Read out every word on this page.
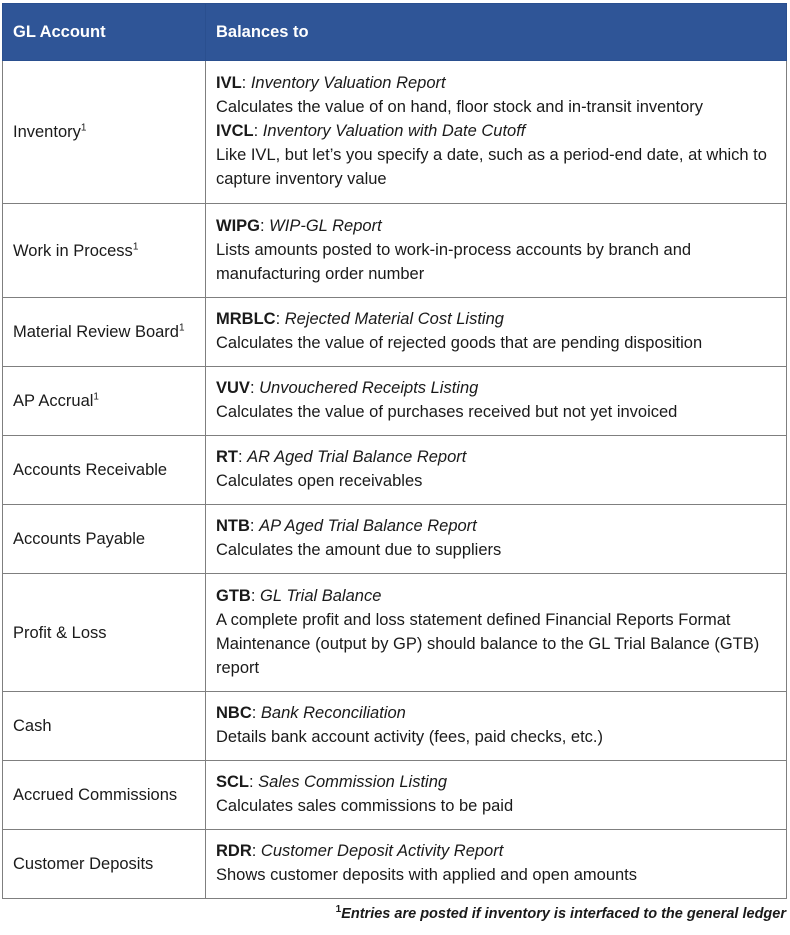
GL Account	Balances to
Inventory$^1$	IVL: Inventory Valuation Report
Calculates the value of on hand, floor stock and in-transit inventory
IVCL: Inventory Valuation with Date Cutoff
Like IVL, but let’s you specify a date, such as a period-end date, at which to capture inventory value

Work in Process$^1$	WIPG: WIP-GL Report
Lists amounts posted to work-in-process accounts by branch and manufacturing order number

Material Review Board$^1$	MRBLC: Rejected Material Cost Listing
Calculates the value of rejected goods that are pending disposition

AP Accrual$^1$	VUV: Unvouchered Receipts Listing
Calculates the value of purchases received but not yet invoiced

Accounts Receivable	RT: AR Aged Trial Balance Report
Calculates open receivables

Accounts Payable	NTB: AP Aged Trial Balance Report
Calculates the amount due to suppliers

Profit & Loss	GTB: GL Trial Balance
A complete profit and loss statement defined Financial Reports Format Maintenance (output by GP) should balance to the GL Trial Balance (GTB) report

Cash	NBC: Bank Reconciliation
Details bank account activity (fees, paid checks, etc.)

Accrued Commissions	SCL: Sales Commission Listing
Calculates sales commissions to be paid

Customer Deposits	RDR: Customer Deposit Activity Report
Shows customer deposits with applied and open amounts
$^1$Entries are posted if inventory is interfaced to the general ledger
